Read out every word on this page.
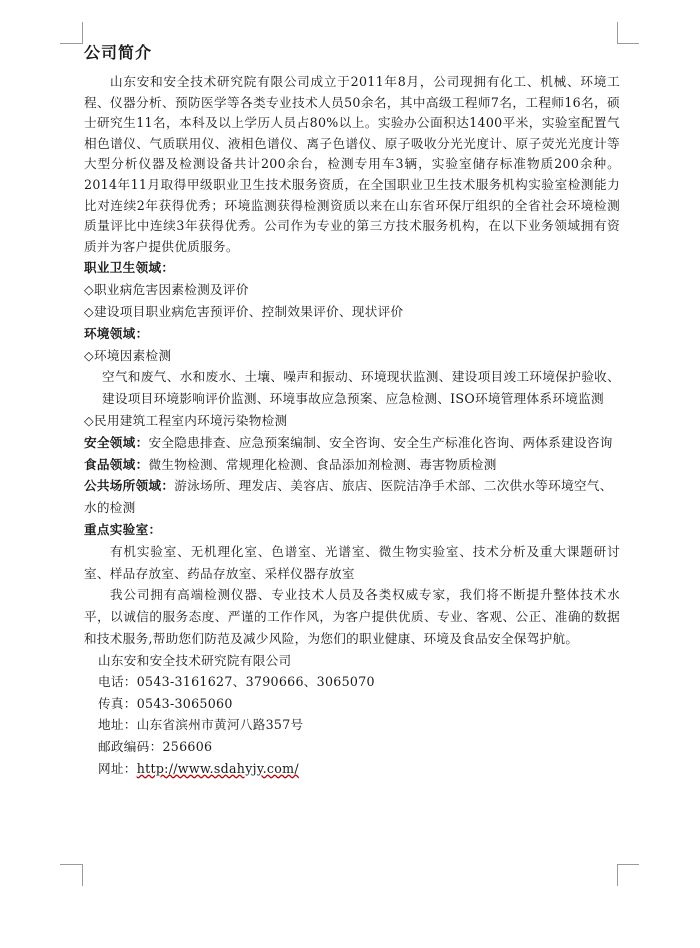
公司简介

山东安和安全技术研究院有限公司成立于2011年8月，公司现拥有化工、机械、环境工程、仪器分析、预防医学等各类专业技术人员50余名，其中高级工程师7名，工程师16名，硕士研究生11名，本科及以上学历人员占80%以上。实验办公面积达1400平米，实验室配置气相色谱仪、气质联用仪、液相色谱仪、离子色谱仪、原子吸收分光光度计、原子荧光光度计等大型分析仪器及检测设备共计200余台，检测专用车3辆，实验室储存标准物质200余种。2014年11月取得甲级职业卫生技术服务资质，在全国职业卫生技术服务机构实验室检测能力比对连续2年获得优秀；环境监测获得检测资质以来在山东省环保厅组织的全省社会环境检测质量评比中连续3年获得优秀。公司作为专业的第三方技术服务机构，在以下业务领域拥有资质并为客户提供优质服务。

职业卫生领域：

◇职业病危害因素检测及评价

◇建设项目职业病危害预评价、控制效果评价、现状评价

环境领域：

◇环境因素检测

空气和废气、水和废水、土壤、噪声和振动、环境现状监测、建设项目竣工环境保护验收、建设项目环境影响评价监测、环境事故应急预案、应急检测、ISO环境管理体系环境监测

◇民用建筑工程室内环境污染物检测

安全领域：安全隐患排查、应急预案编制、安全咨询、安全生产标准化咨询、两体系建设咨询

食品领域：微生物检测、常规理化检测、食品添加剂检测、毒害物质检测

公共场所领域：游泳场所、理发店、美容店、旅店、医院洁净手术部、二次供水等环境空气、水的检测

重点实验室：

有机实验室、无机理化室、色谱室、光谱室、微生物实验室、技术分析及重大课题研讨室、样品存放室、药品存放室、采样仪器存放室

我公司拥有高端检测仪器、专业技术人员及各类权威专家，我们将不断提升整体技术水平，以诚信的服务态度、严谨的工作作风，为客户提供优质、专业、客观、公正、准确的数据和技术服务,帮助您们防范及减少风险，为您们的职业健康、环境及食品安全保驾护航。

山东安和安全技术研究院有限公司

电话：0543-3161627、3790666、3065070

传真：0543-3065060

地址：山东省滨州市黄河八路357号

邮政编码：256606

网址：http://www.sdahyjy.com/
